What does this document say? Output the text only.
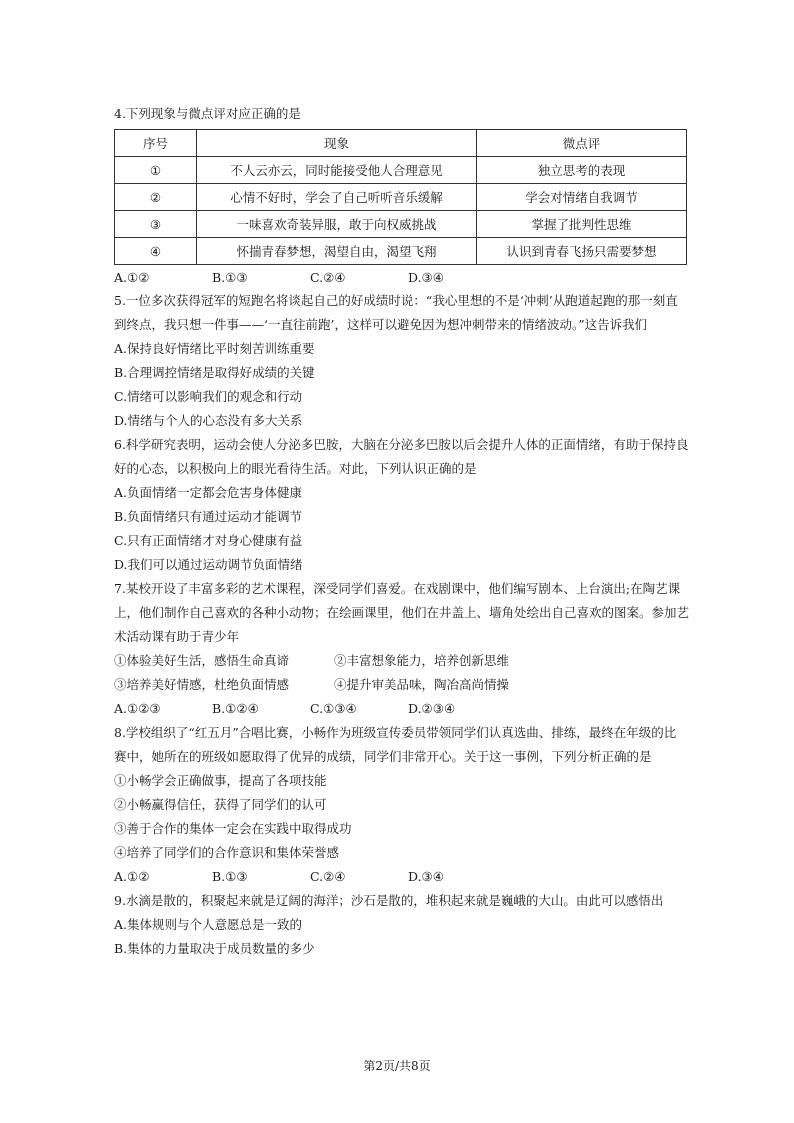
4.下列现象与微点评对应正确的是
序号	现象	微点评
①	不人云亦云，同时能接受他人合理意见	独立思考的表现
②	心情不好时，学会了自己听听音乐缓解	学会对情绪自我调节
③	一味喜欢奇装异服，敢于向权威挑战	掌握了批判性思维
④	怀揣青春梦想，渴望自由，渴望飞翔	认识到青春飞扬只需要梦想
A.①②	B.①③	C.②④	D.③④
5.一位多次获得冠军的短跑名将谈起自己的好成绩时说：“我心里想的不是‘冲刺’从跑道起跑的那一刻直
到终点，我只想一件事——‘一直往前跑’，这样可以避免因为想冲刺带来的情绪波动。”这告诉我们
A.保持良好情绪比平时刻苦训练重要
B.合理调控情绪是取得好成绩的关键
C.情绪可以影响我们的观念和行动
D.情绪与个人的心态没有多大关系
6.科学研究表明，运动会使人分泌多巴胺，大脑在分泌多巴胺以后会提升人体的正面情绪，有助于保持良
好的心态，以积极向上的眼光看待生活。对此，下列认识正确的是
A.负面情绪一定都会危害身体健康
B.负面情绪只有通过运动才能调节
C.只有正面情绪才对身心健康有益
D.我们可以通过运动调节负面情绪
7.某校开设了丰富多彩的艺术课程，深受同学们喜爱。在戏剧课中，他们编写剧本、上台演出;在陶艺课
上，他们制作自己喜欢的各种小动物；在绘画课里，他们在井盖上、墙角处绘出自己喜欢的图案。参加艺
术活动课有助于青少年
①体验美好生活，感悟生命真谛	②丰富想象能力，培养创新思维
③培养美好情感，杜绝负面情感	④提升审美品味，陶冶高尚情操
A.①②③	B.①②④	C.①③④	D.②③④
8.学校组织了“红五月”合唱比赛，小畅作为班级宣传委员带领同学们认真选曲、排练，最终在年级的比
赛中，她所在的班级如愿取得了优异的成绩，同学们非常开心。关于这一事例，下列分析正确的是
①小畅学会正确做事，提高了各项技能
②小畅赢得信任，获得了同学们的认可
③善于合作的集体一定会在实践中取得成功
④培养了同学们的合作意识和集体荣誉感
A.①②	B.①③	C.②④	D.③④
9.水滴是散的，积聚起来就是辽阔的海洋；沙石是散的，堆积起来就是巍峨的大山。由此可以感悟出
A.集体规则与个人意愿总是一致的
B.集体的力量取决于成员数量的多少
第2页/共8页
